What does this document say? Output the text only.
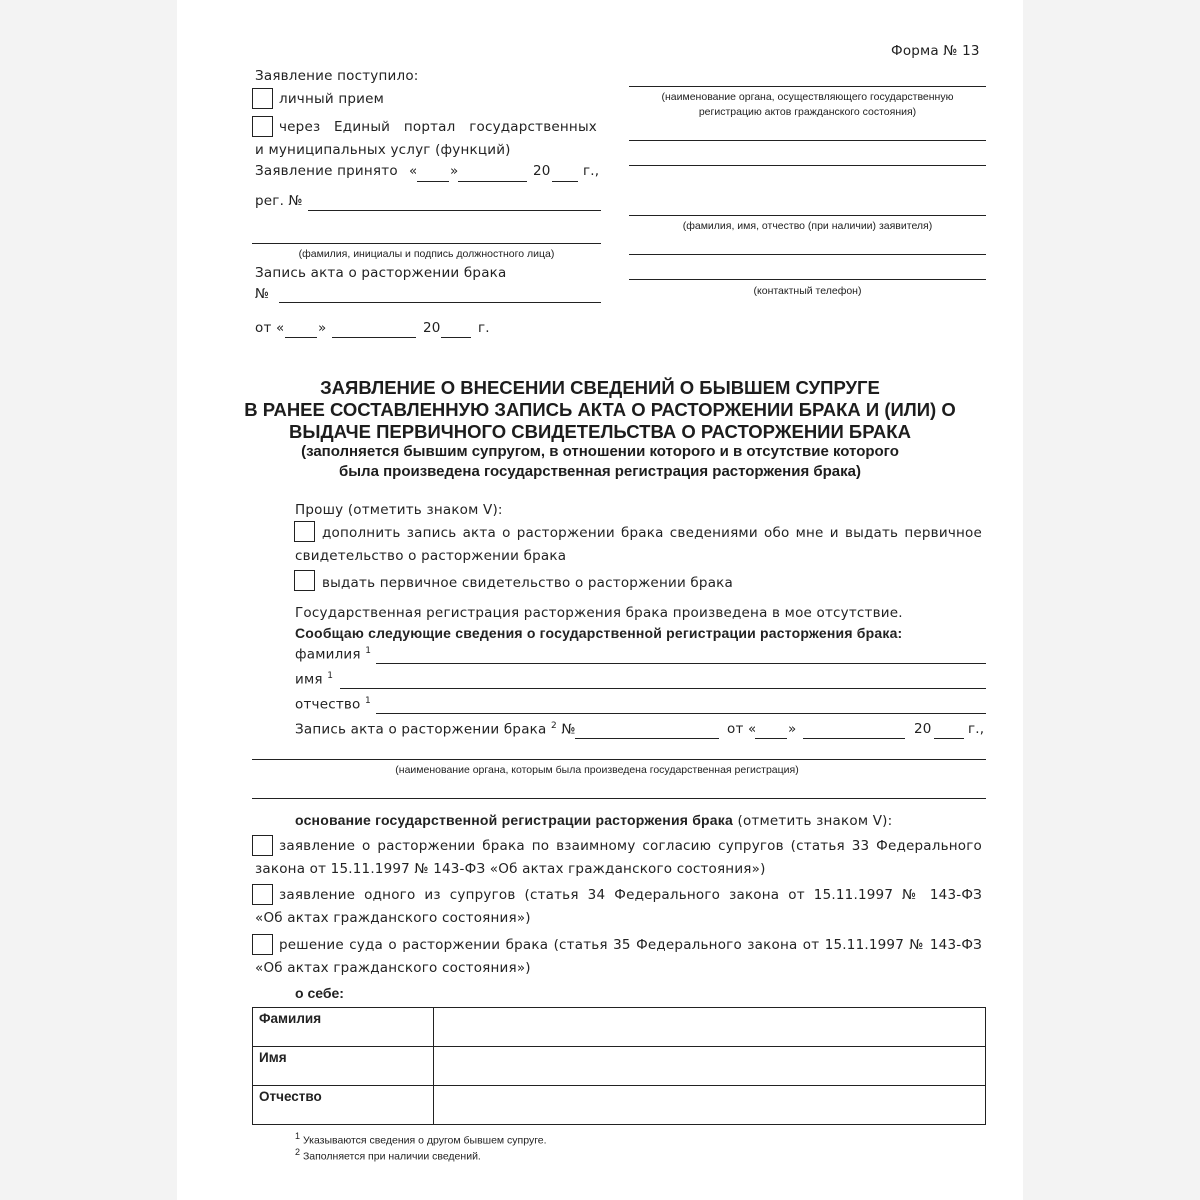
Форма № 13
Заявление поступило:
личный прием
через Единый портал государственных
и муниципальных услуг (функций)
Заявление принято « »	20 г.,
рег. №
(фамилия, инициалы и подпись должностного лица)
Запись акта о расторжении брака
№
от « »	20	г.
(наименование органа, осуществляющего государственную
регистрацию актов гражданского состояния)
(фамилия, имя, отчество (при наличии) заявителя)
(контактный телефон)
ЗАЯВЛЕНИЕ О ВНЕСЕНИИ СВЕДЕНИЙ О БЫВШЕМ СУПРУГЕ
В РАНЕЕ СОСТАВЛЕННУЮ ЗАПИСЬ АКТА О РАСТОРЖЕНИИ БРАКА И (ИЛИ) О
ВЫДАЧЕ ПЕРВИЧНОГО СВИДЕТЕЛЬСТВА О РАСТОРЖЕНИИ БРАКА
(заполняется бывшим супругом, в отношении которого и в отсутствие которого
была произведена государственная регистрация расторжения брака)
Прошу (отметить знаком V):
дополнить запись акта о расторжении брака сведениями обо мне и выдать первичное
свидетельство о расторжении брака
выдать первичное свидетельство о расторжении брака
Государственная регистрация расторжения брака произведена в мое отсутствие.
Сообщаю следующие сведения о государственной регистрации расторжения брака:
фамилия $^1$
имя $^1$
отчество $^1$
Запись акта о расторжении брака $^2$ №	от « »	20	г.,
(наименование органа, которым была произведена государственная регистрация)
основание государственной регистрации расторжения брака (отметить знаком V):
заявление о расторжении брака по взаимному согласию супругов (статья 33 Федерального
закона от 15.11.1997 № 143-ФЗ «Об актах гражданского состояния»)
заявление одного из супругов (статья 34 Федерального закона от 15.11.1997 № 143-ФЗ
«Об актах гражданского состояния»)
решение суда о расторжении брака (статья 35 Федерального закона от 15.11.1997 № 143-ФЗ
«Об актах гражданского состояния»)
о себе:
Фамилия	
Имя	
Отчество	
$^1$ Указываются сведения о другом бывшем супруге.
$^2$ Заполняется при наличии сведений.
